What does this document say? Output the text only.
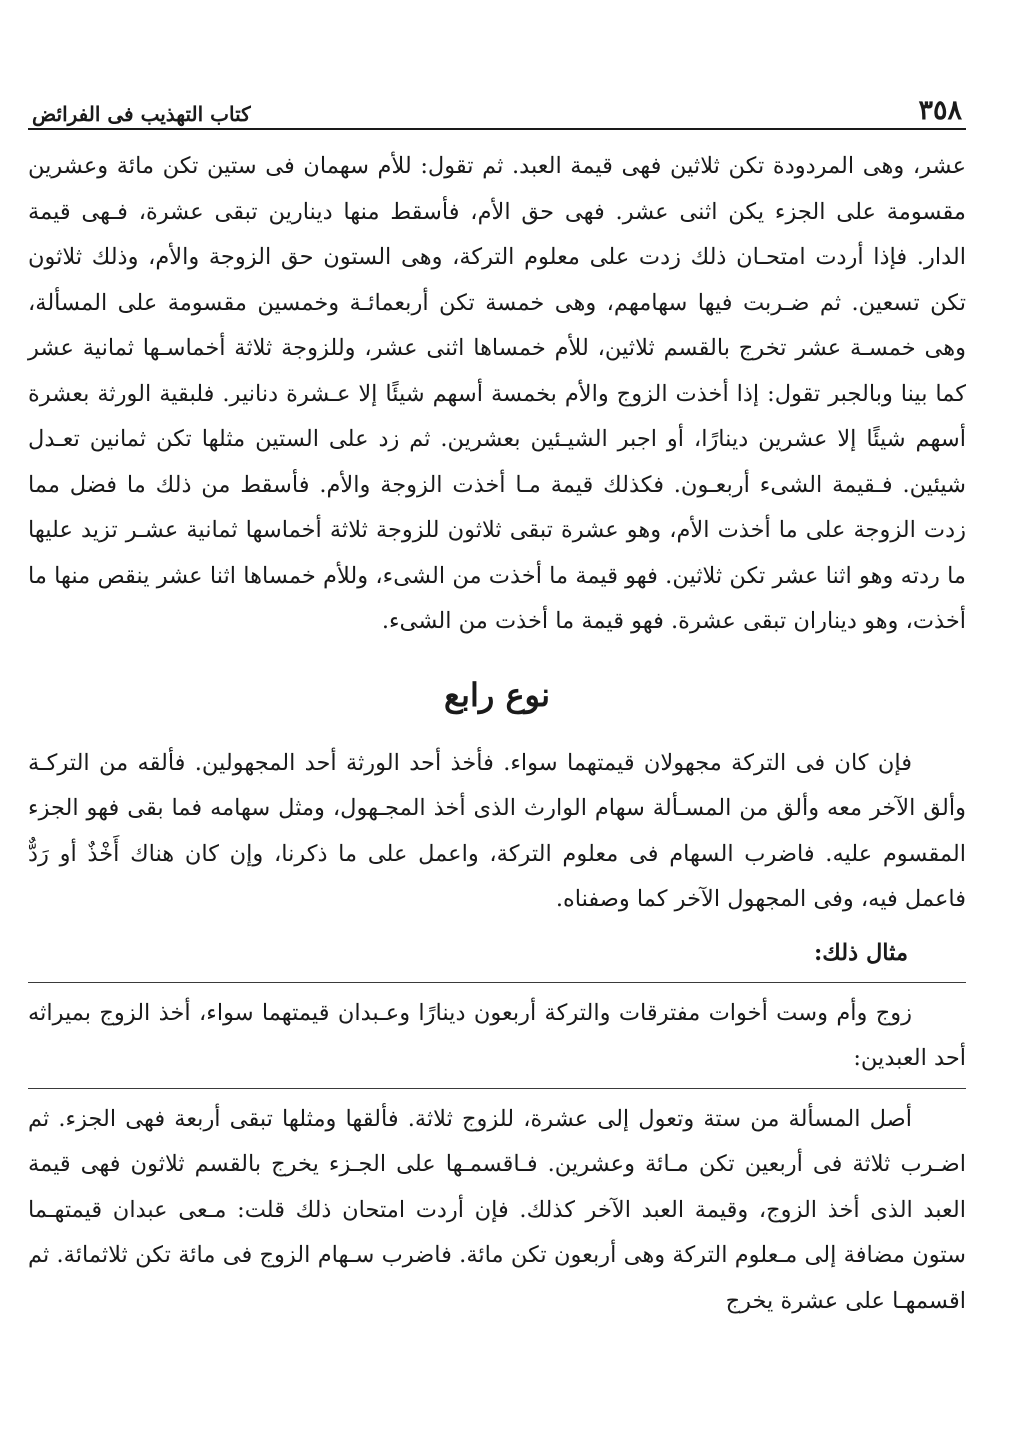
٣٥٨
كتاب التهذيب فى الفرائض

عشر، وهى المردودة تكن ثلاثين فهى قيمة العبد. ثم تقول: للأم سهمان فى ستين تكن مائة وعشرين مقسومة على الجزء يكن اثنى عشر. فهى حق الأم، فأسقط منها دينارين تبقى عشرة، فـهى قيمة الدار. فإذا أردت امتحـان ذلك زدت على معلوم التركة، وهى الستون حق الزوجة والأم، وذلك ثلاثون تكن تسعين. ثم ضـربت فيها سهامهم، وهى خمسة تكن أربعمائـة وخمسين مقسومة على المسألة، وهى خمسـة عشر تخرج بالقسم ثلاثين، للأم خمساها اثنى عشر، وللزوجة ثلاثة أخماسـها ثمانية عشر كما بينا وبالجبر تقول: إذا أخذت الزوج والأم بخمسة أسهم شيئًا إلا عـشرة دنانير. فلبقية الورثة بعشرة أسهم شيئًا إلا عشرين دينارًا، أو اجبر الشيـئين بعشرين. ثم زد على الستين مثلها تكن ثمانين تعـدل شيئين. فـقيمة الشىء أربعـون. فكذلك قيمة مـا أخذت الزوجة والأم. فأسقط من ذلك ما فضل مما زدت الزوجة على ما أخذت الأم، وهو عشرة تبقى ثلاثون للزوجة ثلاثة أخماسها ثمانية عشـر تزيد عليها ما ردته وهو اثنا عشر تكن ثلاثين. فهو قيمة ما أخذت من الشىء، وللأم خمساها اثنا عشر ينقص منها ما أخذت، وهو ديناران تبقى عشرة. فهو قيمة ما أخذت من الشىء.

نوع رابع

فإن كان فى التركة مجهولان قيمتهما سواء. فأخذ أحد الورثة أحد المجهولين. فألقه من التركـة وألق الآخر معه وألق من المسـألة سهام الوارث الذى أخذ المجـهول، ومثل سهامه فما بقى فهو الجزء المقسوم عليه. فاضرب السهام فى معلوم التركة، واعمل على ما ذكرنا، وإن كان هناك أَخْذٌ أو رَدٌّ فاعمل فيه، وفى المجهول الآخر كما وصفناه.

مثال ذلك:

زوج وأم وست أخوات مفترقات والتركة أربعون دينارًا وعـبدان قيمتهما سواء، أخذ الزوج بميراثه أحد العبدين:

أصل المسألة من ستة وتعول إلى عشرة، للزوج ثلاثة. فألقها ومثلها تبقى أربعة فهى الجزء. ثم اضـرب ثلاثة فى أربعين تكن مـائة وعشرين. فـاقسمـها على الجـزء يخرج بالقسم ثلاثون فهى قيمة العبد الذى أخذ الزوج، وقيمة العبد الآخر كذلك. فإن أردت امتحان ذلك قلت: مـعى عبدان قيمتهـما ستون مضافة إلى مـعلوم التركة وهى أربعون تكن مائة. فاضرب سـهام الزوج فى مائة تكن ثلاثمائة. ثم اقسمهـا على عشرة يخرج
